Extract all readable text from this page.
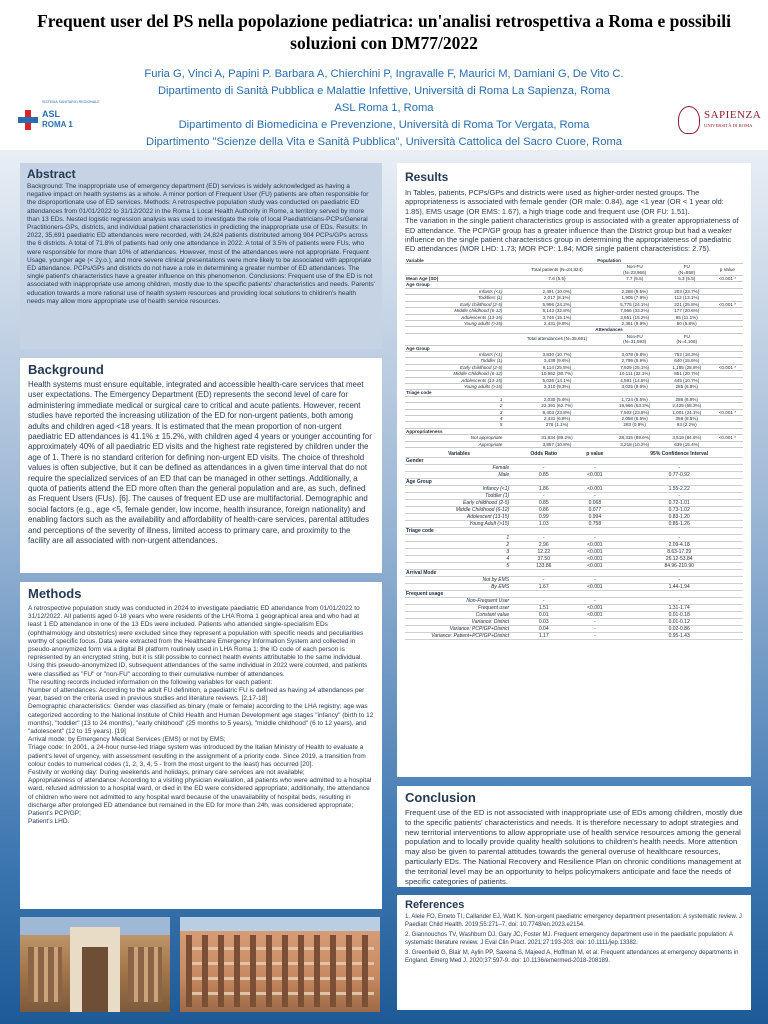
Frequent user del PS nella popolazione pediatrica: un'analisi retrospettiva a Roma e possibili soluzioni con DM77/2022
Furia G, Vinci A, Papini P. Barbara A, Chierchini P, Ingravalle F, Maurici M, Damiani G, De Vito C.
Dipartimento di Sanità Pubblica e Malattie Infettive, Università di Roma La Sapienza, Roma
ASL Roma 1, Roma
Dipartimento di Biomedicina e Prevenzione, Università di Roma Tor Vergata, Roma
Dipartimento "Scienze della Vita e Sanità Pubblica", Università Cattolica del Sacro Cuore, Roma
SISTEMA SANITARIO REGIONALE
ASL
ROMA 1
SAPIENZA
UNIVERSITÀ DI ROMA
Abstract

Background: The inappropriate use of emergency department (ED) services is widely acknowledged as having a negative impact on health systems as a whole. A minor portion of Frequent User (FU) patients are often responsible for the disproportionate use of ED services. Methods: A retrospective population study was conducted on paediatric ED attendances from 01/01/2022 to 31/12/2022 in the Roma 1 Local Health Authority in Rome, a territory served by more than 13 EDs. Nested logistic regression analysis was used to investigate the role of local Paediatricians-PCPs/General Practitioners-GPs, districts, and individual patient characteristics in predicting the inappropriate use of EDs. Results: In 2022, 35,691 paediatric ED attendances were recorded, with 24,824 patients distributed among 904 PCPs/GPs across the 6 districts. A total of 71.8% of patients had only one attendance in 2022. A total of 3.5% of patients were FUs, who were responsible for more than 10% of attendances. However, most of the attendances were not appropriate. Frequent Usage, younger age (< 2y.o.), and more severe clinical presentations were more likely to be associated with appropriate ED attendance. PCPs/GPs and districts do not have a role in determining a greater number of ED attendances. The single patient's characteristics have a greater influence on this phenomenon. Conclusions: Frequent use of the ED is not associated with inappropriate use among children, mostly due to the specific patients' characteristics and needs. Parents' education towards a more rational use of health system resources and providing local solutions to children's health needs may allow more appropriate use of health service resources.

Background

Health systems must ensure equitable, integrated and accessible health-care services that meet user expectations. The Emergency Department (ED) represents the second level of care for administering immediate medical or surgical care to critical and acute patients. However, recent studies have reported the increasing utilization of the ED for non-urgent patients, both among adults and children aged <18 years. It is estimated that the mean proportion of non-urgent paediatric ED attendances is 41.1% ± 15.2%, with children aged 4 years or younger accounting for approximately 40% of all paediatric ED visits and the highest rate registered by children under the age of 1. There is no standard criterion for defining non-urgent ED visits. The choice of threshold values is often subjective, but it can be defined as attendances in a given time interval that do not require the specialized services of an ED that can be managed in other settings. Additionally, a quota of patients attend the ED more often than the general population and are, as such, defined as Frequent Users (FUs). [6]. The causes of frequent ED use are multifactorial. Demographic and social factors (e.g., age <5, female gender, low income, health insurance, foreign nationality) and enabling factors such as the availability and affordability of health-care services, parental attitudes and perceptions of the severity of illness, limited access to primary care, and proximity to the facility are all associated with non-urgent attendances.

Methods

A retrospective population study was conducted in 2024 to investigate paediatric ED attendance from 01/01/2022 to 31/12/2022. All patients aged 0-18 years who were residents of the LHA Roma 1 geographical area and who had at least 1 ED attendance in one of the 13 EDs were included. Patients who attended single-specialism EDs (ophthalmology and obstetrics) were excluded since they represent a population with specific needs and peculiarities worthy of specific focus. Data were extracted from the Healthcare Emergency Information System and collected in pseudo-anonymized form via a digital BI platform routinely used in LHA Roma 1: the ID code of each person is represented by an encrypted string, but it is still possible to connect health events attributable to the same individual. Using this pseudo-anonymized ID, subsequent attendances of the same individual in 2022 were counted, and patients were classified as "FU" or "non-FU" according to their cumulative number of attendances.

The resulting records included information on the following variables for each patient:

Number of attendances: According to the adult FU definition, a paediatric FU is defined as having ≥4 attendances per year, based on the criteria used in previous studies and literature reviews. [2,17-18]

Demographic characteristics: Gender was classified as binary (male or female) according to the LHA registry; age was categorized according to the National Institute of Child Health and Human Development age stages "infancy" (birth to 12 months), "toddler" (13 to 24 months), "early childhood" (25 months to 5 years), "middle childhood" (6 to 12 years), and "adolescent" (12 to 15 years). [19]

Arrival mode: by Emergency Medical Services (EMS) or not by EMS;

Triage code: In 2001, a 24-hour nurse-led triage system was introduced by the Italian Ministry of Health to evaluate a patient's level of urgency, with assessment resulting in the assignment of a priority code. Since 2019, a transition from colour codes to numerical codes (1, 2, 3, 4, 5 - from the most urgent to the least) has occurred [20].

Festivity or working day: During weekends and holidays, primary care services are not available;

Appropriateness of attendance: According to a visiting physician evaluation, all patients who were admitted to a hospital ward, refused admission to a hospital ward, or died in the ED were considered appropriate; additionally, the attendance of children who were not admitted to any hospital ward because of the unavailability of hospital beds, resulting in discharge after prolonged ED attendance but remained in the ED for more than 24h, was considered appropriate;

Patient's PCP/GP;

Patient's LHD.

Results

In Tables, patients, PCPs/GPs and districts were used as higher-order nested groups. The appropriateness is associated with female gender (OR male: 0.84), age <1 year (OR < 1 year old: 1.85), EMS usage (OR EMS: 1.67), a high triage code and frequent use (OR FU: 1.51).

The variation in the single patient characteristics group is associated with a greater appropriateness of ED attendance. The PCP/GP group has a greater influence than the District group but had a weaker influence on the single patient characteristics group in determining the appropriateness of paediatric ED attendances (MOR LHD: 1.73; MOR PCP: 1.84; MOR single patient characteristics: 2.75).

Variable	Population			
	Total patients (N=24,824)	Non-FU
(N=23,966)	FU
(N=858)	p Value
Mean Age (SD)	7.6 (5.5)	7.7 (5.5)	5.3 (5.5)	<0.001 *
Age Group				
Infants (<1)	2,491 (10.0%)	2,288 (9.5%)	203 (23.7%)	
Toddlers (1)	2,017 (8.1%)	1,905 (7.9%)	112 (13.1%)	
Early childhood (2-5)	5,996 (24.2%)	5,775 (24.1%)	221 (25.8%)	<0.001 *
Middle childhood (6-12)	8,143 (32.8%)	7,966 (33.2%)	177 (20.6%)	
Adolescents (13-15)	3,746 (15.1%)	3,651 (15.2%)	95 (11.1%)	
Young adults (>15)	2,431 (9.8%)	2,381 (9.9%)	50 (5.8%)	
	Attendances			
	Total attendances (N=35,691)	Non-FU
(N=31,593)	FU
(N=4,108)	
Age Group				
Infants (<1)	3,830 (10.7%)	3,078 (9.8%)	752 (18.3%)	
Toddler (1)	3,439 (9.6%)	2,799 (8.9%)	640 (15.6%)	
Early childhood (2-5)	9,114 (25.5%)	7,929 (25.1%)	1,185 (28.8%)	<0.001 *
Middle Childhood (6-12)	10,962 (30.7%)	10,111 (32.1%)	851 (20.7%)	
Adolescents (13-15)	5,036 (14.1%)	4,591 (14.6%)	445 (10.7%)	
Young adults (>15)	3,310 (9.3%)	3,025 (9.6%)	285 (6.9%)	
Triage code				
1	2,030 (5.6%)	1,724 (5.5%)	286 (6.9%)	
2	22,391 (62.7%)	19,966 (63.3%)	2,425 (58.3%)	
3	8,403 (23.8%)	7,502 (23.8%)	1,001 (24.1%)	<0.001 *
4	2,431 (6.8%)	2,058 (6.5%)	358 (8.5%)	
5	376 (1.1%)	283 (0.9%)	93 (2.2%)	
Appropriateness				
Not appropriate	31,834 (89.2%)	28,315 (89.6%)	3,519 (84.6%)	<0.001 *
Appropriate	3,857 (10.8%)	3,218 (10.2%)	639 (15.4%)	
Variables	Odds Ratio	p value	95% Confidence Interval
Gender			
Female	-	-	-
Male	0.85	<0.001	0.77-0.92
Age Group			
Infancy (<1)	1.86	<0.001	1.55-2.22
Toddler (1)	-	-	-
Early childhood (2-5)	0.85	0.068	0.72-1.01
Middle Childhood (6-12)	0.86	0.077	0.73-1.02
Adolescent (13-15)	0.99	0.994	0.83-1.20
Young Adult (>15)	1.03	0.758	0.85-1.26
Triage code			
1	-	-	-
2	2.96	<0.001	2.09-4.18
3	12.22	<0.001	8.63-17.29
4	37.50	<0.001	26.12-53.84
5	133.86	<0.001	84.96-210.90
Arrival Mode			
Not by EMS	-	-	-
By EMS	1.67	<0.001	1.44-1.94
Frequent usage			
Non-Frequent User	-	-	-
Frequent user	1.51	<0.001	1.31-1.74
Constant value	0.01	<0.001	0.01-0.18
Variance: District	0.03	-	0.01-0.12
Variance: PCP/GP+District	0.04	-	0.02-0.86
Variance: Patient+PCP/GP+District	1.17	-	0.95-1.43
Conclusion

Frequent use of the ED is not associated with inappropriate use of EDs among children, mostly due to the specific patients' characteristics and needs. It is therefore necessary to adopt strategies and new territorial interventions to allow appropriate use of health service resources among the general population and to locally provide quality health solutions to children's health needs. More attention may also be given to parental attitudes towards the general overuse of healthcare resources, particularly EDs. The National Recovery and Resilience Plan on chronic conditions management at the territorial level may be an opportunity to helps policymakers anticipate and face the needs of specific categories of patients.

References

1. Alele FO, Emeto TI, Callander EJ, Watt K. Non-urgent paediatric emergency department presentation: A systematic review. J Paediatr Child Health. 2019;55:271–7. doi: 10.7748/en.2023.e2154.

2. Giannouchos TV, Washburn DJ, Gary JC, Foster MJ. Frequent emergency department use in the paediatric population: A systematic literature review. J Eval Clin Pract. 2021;27:193-203. doi: 10.1111/jep.13382.

3. Greenfield G, Blair M, Aylin PP, Saxena S, Majeed A, Hoffman M, et al. Frequent attendances at emergency departments in England. Emerg Med J. 2020;37:597-9. doi: 10.1136/emermed-2018-208189.
